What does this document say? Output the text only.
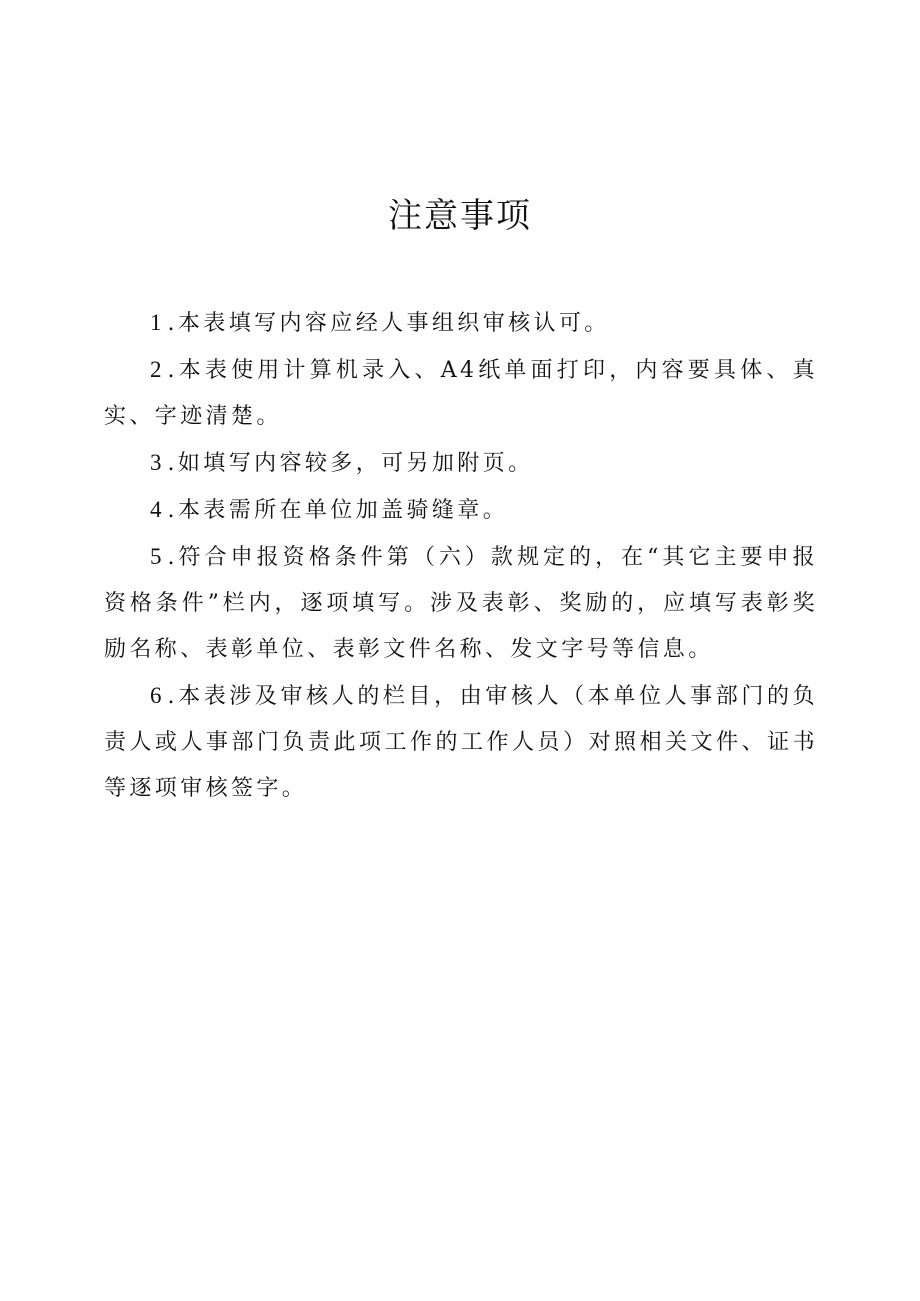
注意事项

1 .本表填写内容应经人事组织审核认可。

2 .本表使用计算机录入、A4纸单面打印，内容要具体、真实、字迹清楚。

3 .如填写内容较多，可另加附页。

4 .本表需所在单位加盖骑缝章。

5 .符合申报资格条件第（六）款规定的，在“其它主要申报资格条件”栏内，逐项填写。涉及表彰、奖励的，应填写表彰奖励名称、表彰单位、表彰文件名称、发文字号等信息。

6 .本表涉及审核人的栏目，由审核人（本单位人事部门的负责人或人事部门负责此项工作的工作人员）对照相关文件、证书等逐项审核签字。
